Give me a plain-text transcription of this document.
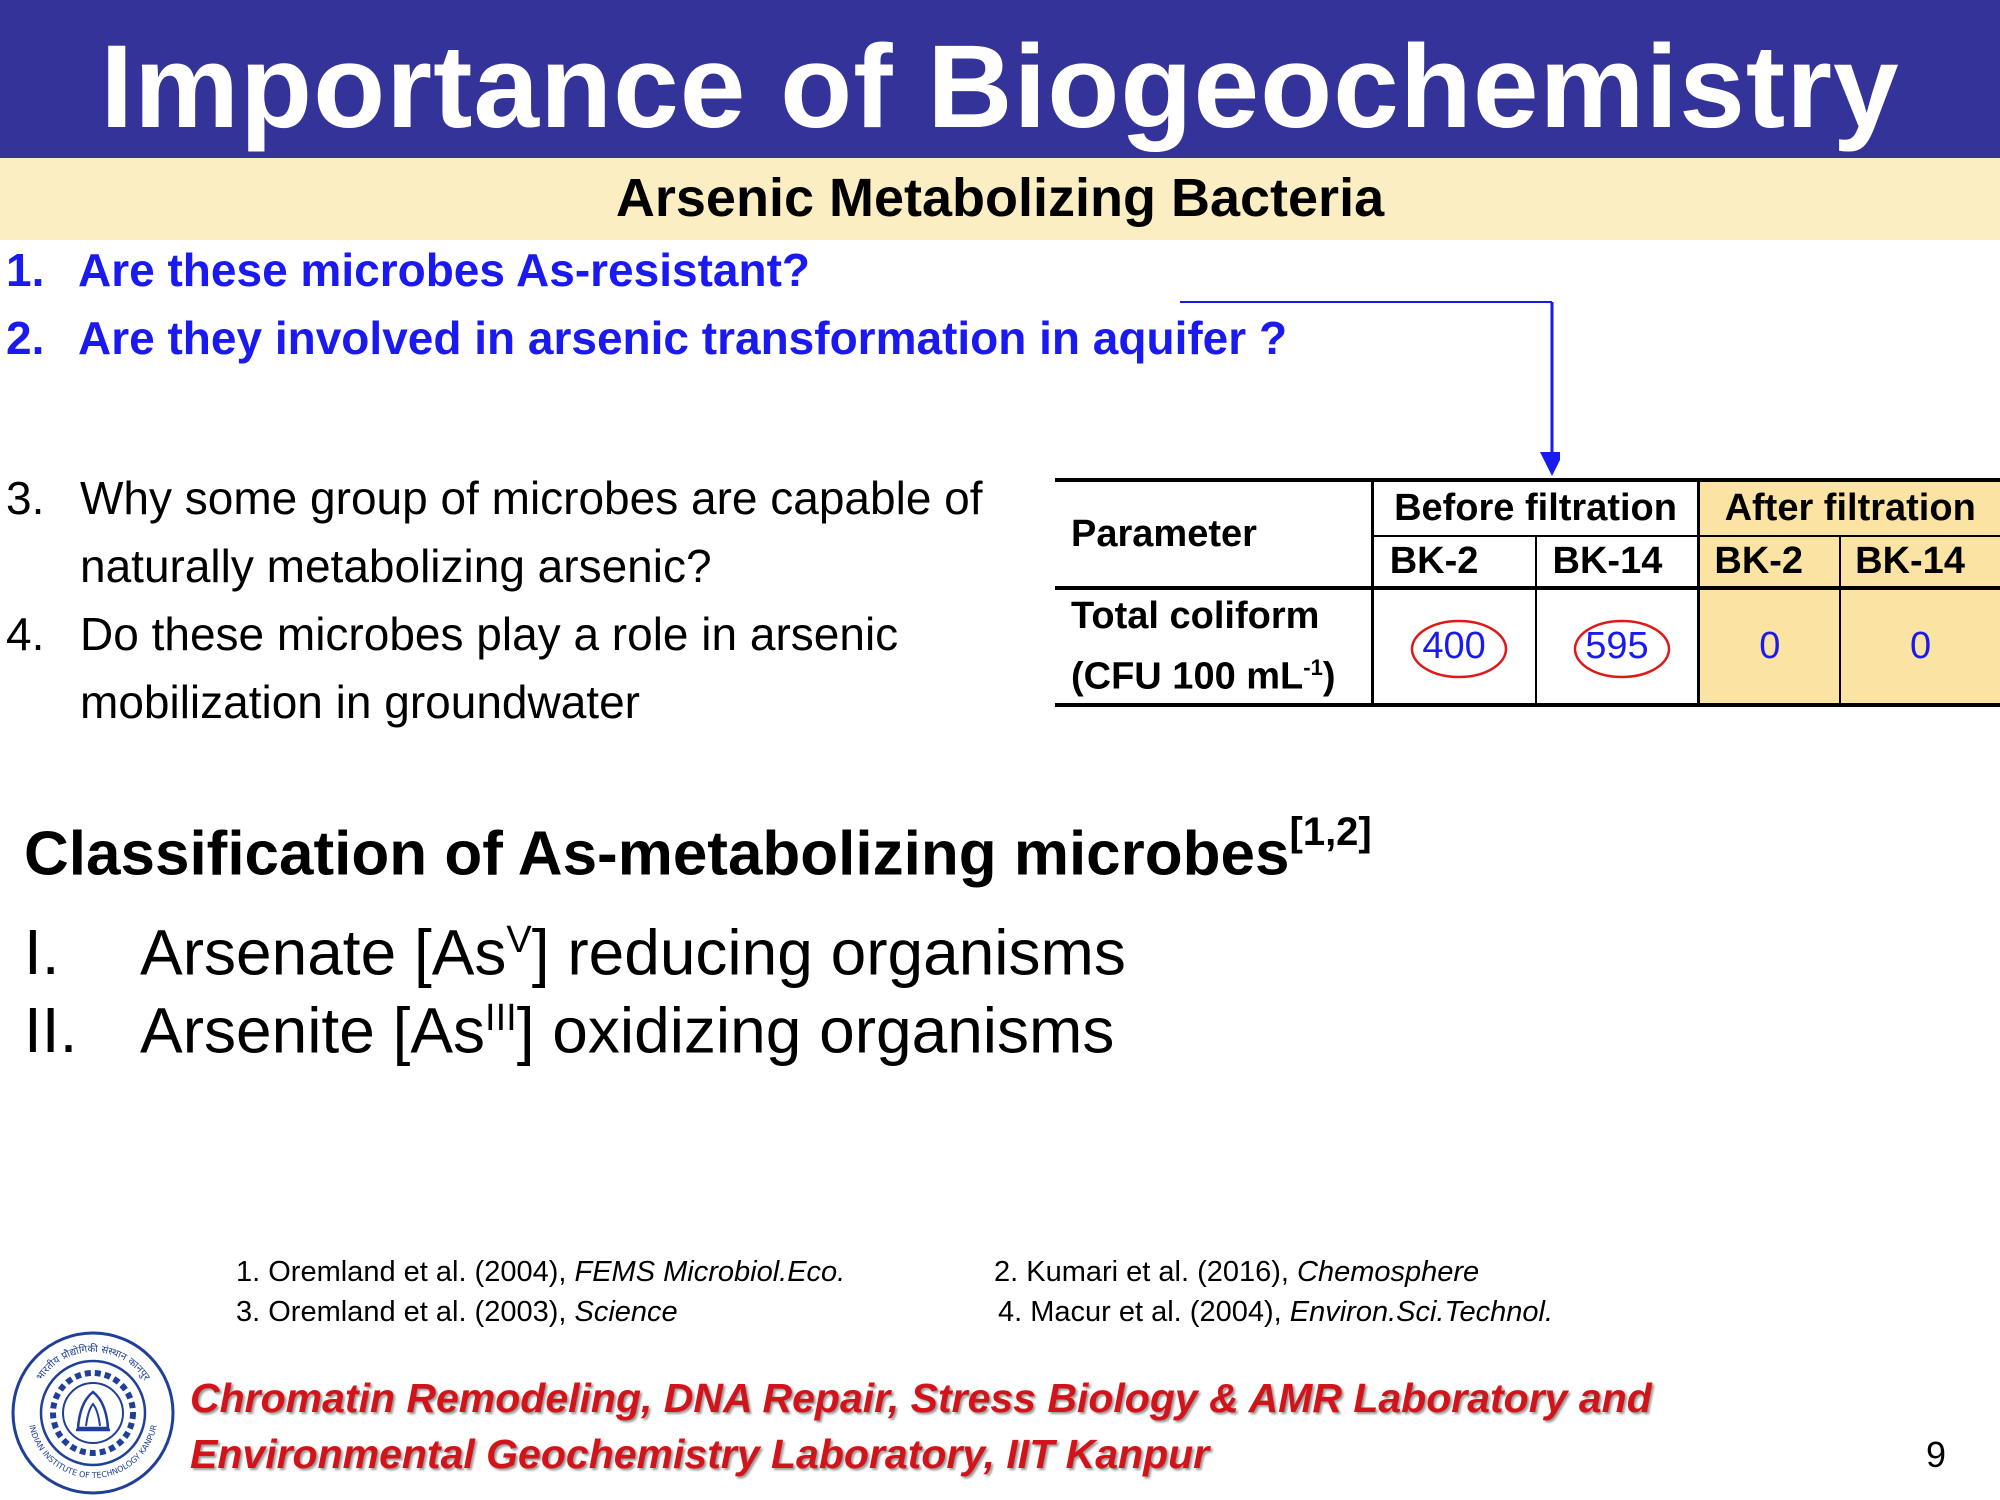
Importance of Biogeochemistry
Arsenic Metabolizing Bacteria
1. Are these microbes As-resistant?
2. Are they involved in arsenic transformation in aquifer ?
3. Why some group of microbes are capable of naturally metabolizing arsenic?
4. Do these microbes play a role in arsenic mobilization in groundwater
Parameter	Before filtration		After filtration	
	BK-2	BK-14	BK-2	BK-14
Total coliform
(CFU 100 $mL^{-1}$)	400	595	0	0
Classification of As-metabolizing microbes[1,2]
I. Arsenate $[As^V]$ reducing organisms
II. Arsenite $[As^{III}]$ oxidizing organisms
1. Oremland et al. (2004), FEMS Microbiol.Eco.	2. Kumari et al. (2016), Chemosphere
3. Oremland et al. (2003), Science	4. Macur et al. (2004), Environ.Sci.Technol.
भारतीय प्रौद्योगिकी संस्थान कानपुर
INDIAN INSTITUTE OF TECHNOLOGY KANPUR
Chromatin Remodeling, DNA Repair, Stress Biology & AMR Laboratory and
Environmental Geochemistry Laboratory, IIT Kanpur	9
